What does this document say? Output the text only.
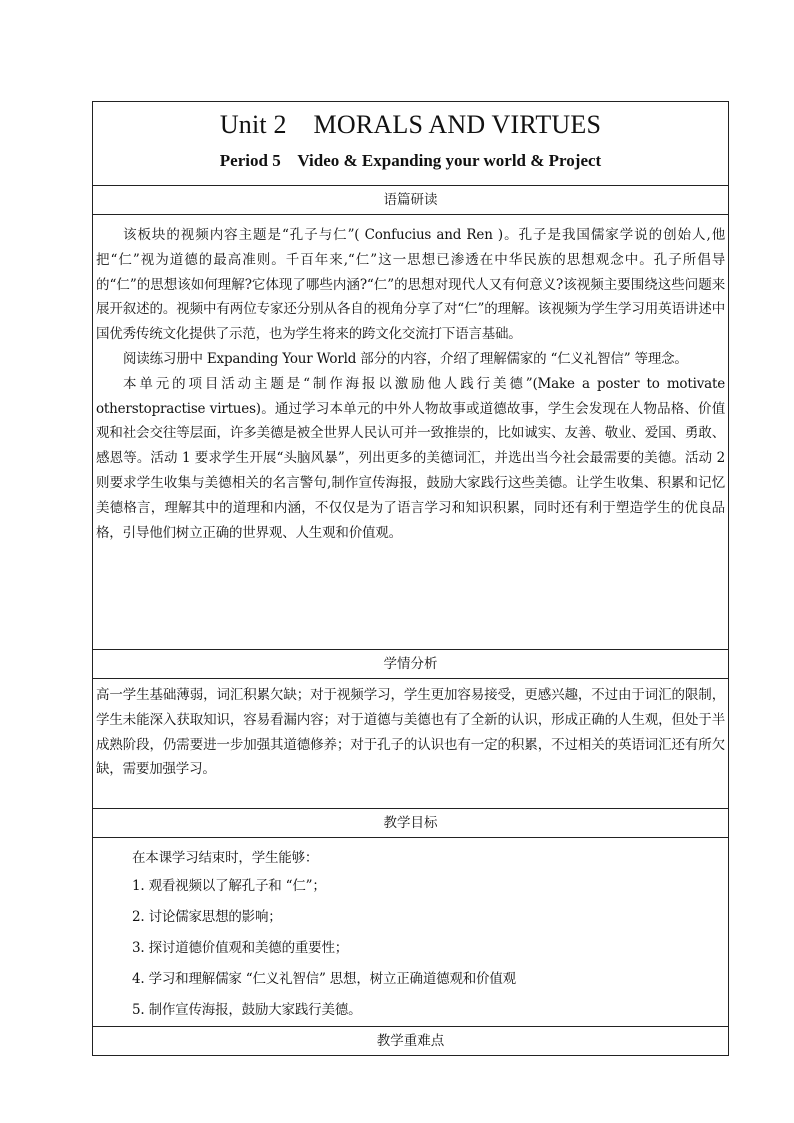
Unit 2    MORALS AND VIRTUES
Period 5    Video & Expanding your world & Project

语篇研读

该板块的视频内容主题是“孔子与仁”( Confucius and Ren )。孔子是我国儒家学说的创始人,他把“仁”视为道德的最高准则。千百年来,“仁”这一思想已渗透在中华民族的思想观念中。孔子所倡导的“仁”的思想该如何理解?它体现了哪些内涵?“仁”的思想对现代人又有何意义?该视频主要围绕这些问题来展开叙述的。视频中有两位专家还分别从各自的视角分享了对“仁”的理解。该视频为学生学习用英语讲述中国优秀传统文化提供了示范，也为学生将来的跨文化交流打下语言基础。

阅读练习册中 Expanding Your World 部分的内容，介绍了理解儒家的 “仁义礼智信” 等理念。

本单元的项目活动主题是“制作海报以激励他人践行美德”(Make a poster to motivate otherstopractise virtues)。通过学习本单元的中外人物故事或道德故事，学生会发现在人物品格、价值观和社会交往等层面，许多美德是被全世界人民认可并一致推崇的，比如诚实、友善、敬业、爱国、勇敢、感恩等。活动 1 要求学生开展“头脑风暴”，列出更多的美德词汇，并选出当今社会最需要的美德。活动 2 则要求学生收集与美德相关的名言警句,制作宣传海报，鼓励大家践行这些美德。让学生收集、积累和记忆美德格言，理解其中的道理和内涵，不仅仅是为了语言学习和知识积累，同时还有利于塑造学生的优良品格，引导他们树立正确的世界观、人生观和价值观。

学情分析

高一学生基础薄弱，词汇积累欠缺；对于视频学习，学生更加容易接受，更感兴趣，不过由于词汇的限制，学生未能深入获取知识，容易看漏内容；对于道德与美德也有了全新的认识，形成正确的人生观，但处于半成熟阶段，仍需要进一步加强其道德修养；对于孔子的认识也有一定的积累，不过相关的英语词汇还有所欠缺，需要加强学习。

教学目标

在本课学习结束时，学生能够：

1. 观看视频以了解孔子和 “仁”；

2. 讨论儒家思想的影响；

3. 探讨道德价值观和美德的重要性；

4. 学习和理解儒家 “仁义礼智信” 思想，树立正确道德观和价值观

5. 制作宣传海报，鼓励大家践行美德。

教学重难点
